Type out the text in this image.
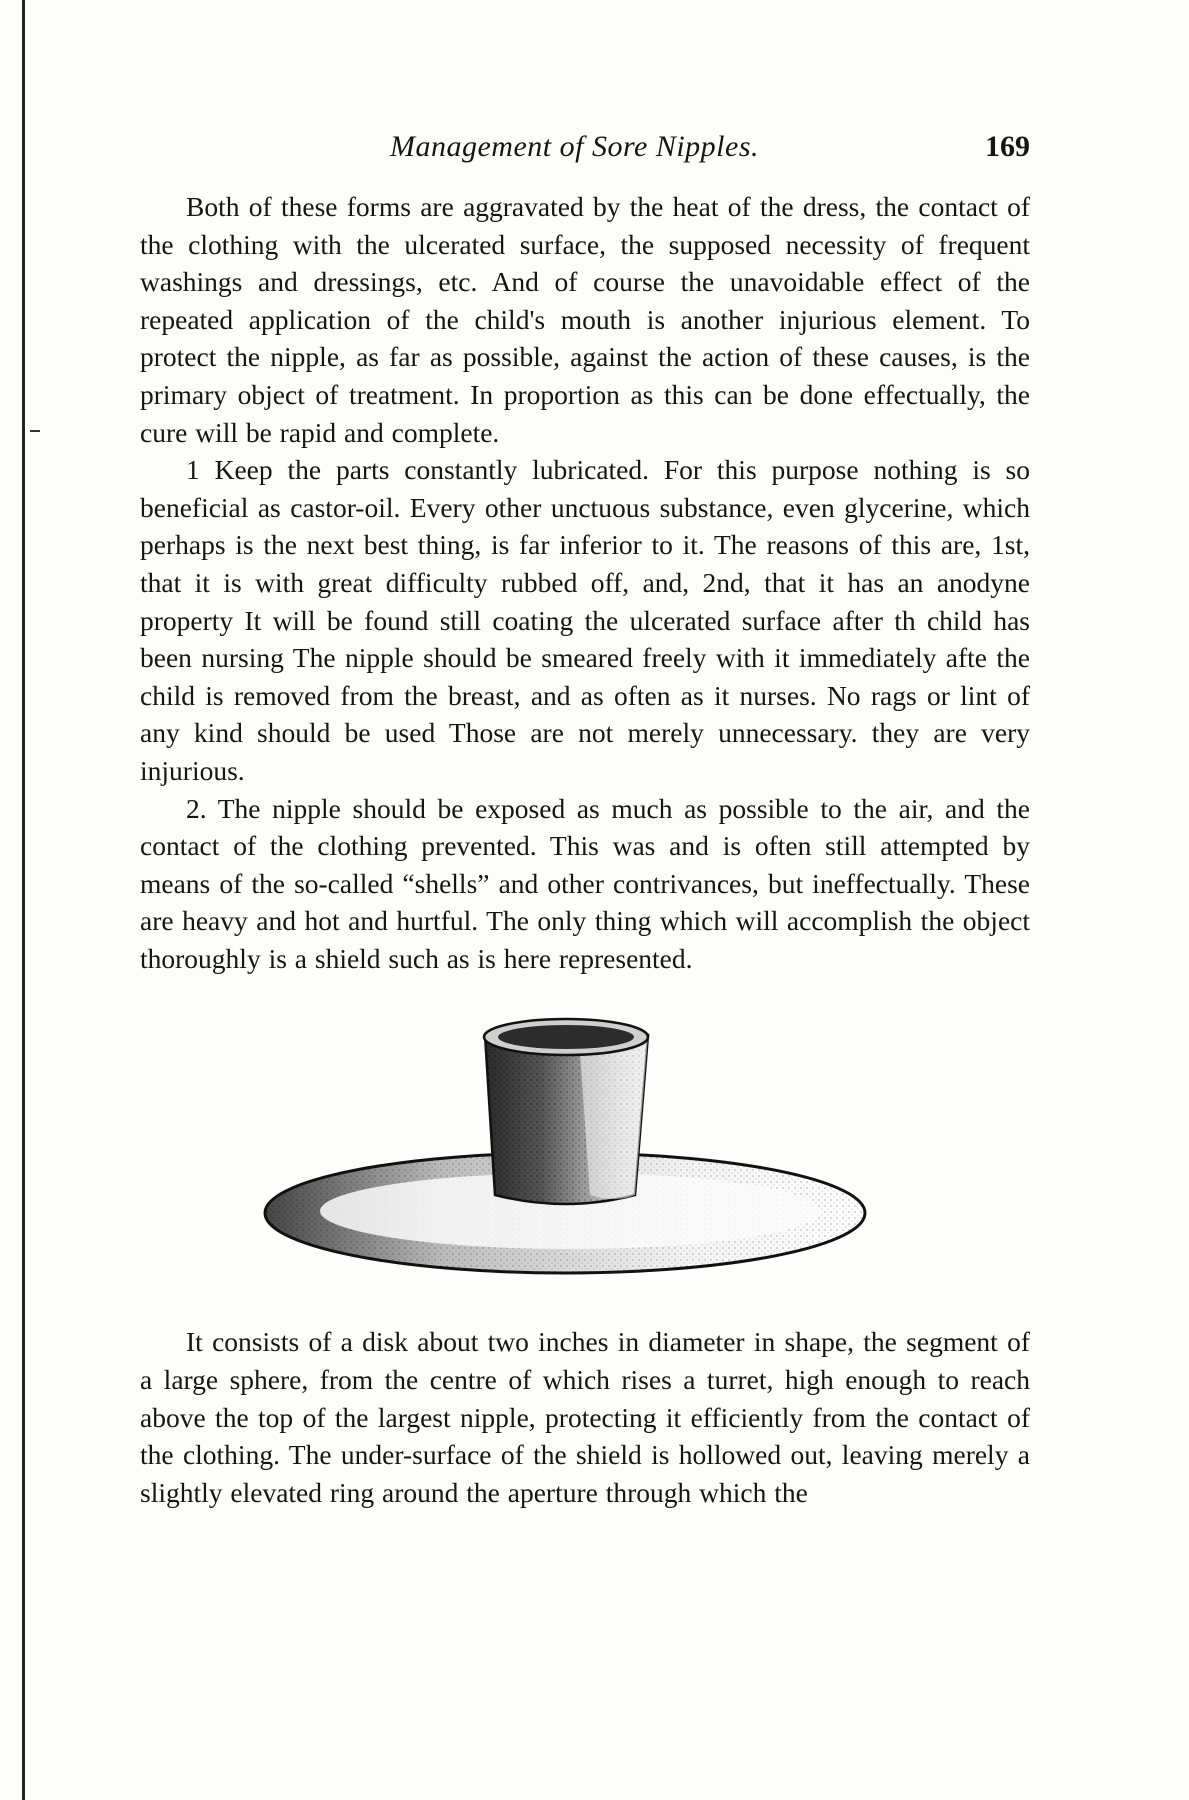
Management of Sore Nipples.	169

Both of these forms are aggravated by the heat of the dress, the contact of the clothing with the ulcerated surface, the supposed necessity of frequent washings and dressings, etc. And of course the unavoidable effect of the repeated application of the child's mouth is another injurious element. To protect the nipple, as far as possible, against the action of these causes, is the primary object of treatment. In proportion as this can be done effectually, the cure will be rapid and complete.

1 Keep the parts constantly lubricated. For this purpose nothing is so beneficial as castor-oil. Every other unctuous substance, even glycerine, which perhaps is the next best thing, is far inferior to it. The reasons of this are, 1st, that it is with great difficulty rubbed off, and, 2nd, that it has an anodyne property It will be found still coating the ulcerated surface after th child has been nursing The nipple should be smeared freely with it immediately afte the child is removed from the breast, and as often as it nurses. No rags or lint of any kind should be used Those are not merely unnecessary. they are very injurious.

2. The nipple should be exposed as much as possible to the air, and the contact of the clothing prevented. This was and is often still attempted by means of the so-called “shells” and other contrivances, but ineffectually. These are heavy and hot and hurtful. The only thing which will accomplish the object thoroughly is a shield such as is here represented.

It consists of a disk about two inches in diameter in shape, the segment of a large sphere, from the centre of which rises a turret, high enough to reach above the top of the largest nipple, protecting it efficiently from the contact of the clothing. The under-surface of the shield is hollowed out, leaving merely a slightly elevated ring around the aperture through which the
